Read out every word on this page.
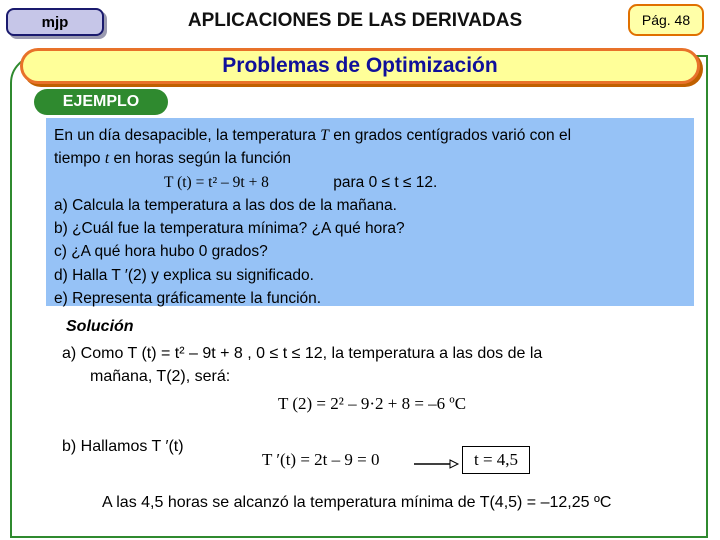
mjp	APLICACIONES DE LAS DERIVADAS	Pág. 48
Problemas de Optimización
EJEMPLO

En un día desapacible, la temperatura T en grados centígrados varió con el

tiempo t en horas según la función

T (t) = t² – 9t + 8	para 0 ≤ t ≤ 12.

a) Calcula la temperatura a las dos de la mañana.

b) ¿Cuál fue la temperatura mínima? ¿A qué hora?

c) ¿A qué hora hubo 0 grados?

d) Halla T ′(2) y explica su significado.

e) Representa gráficamente la función.

Solución
a) Como T (t) = t² – 9t + 8 , 0 ≤ t ≤ 12, la temperatura a las dos de la
mañana, T(2), será:
T (2) = 2² – 9·2 + 8 = –6 ºC
b) Hallamos T ′(t)
T ′(t) = 2t – 9 = 0	t = 4,5
A las 4,5 horas se alcanzó la temperatura mínima de T(4,5) = –12,25 ºC
